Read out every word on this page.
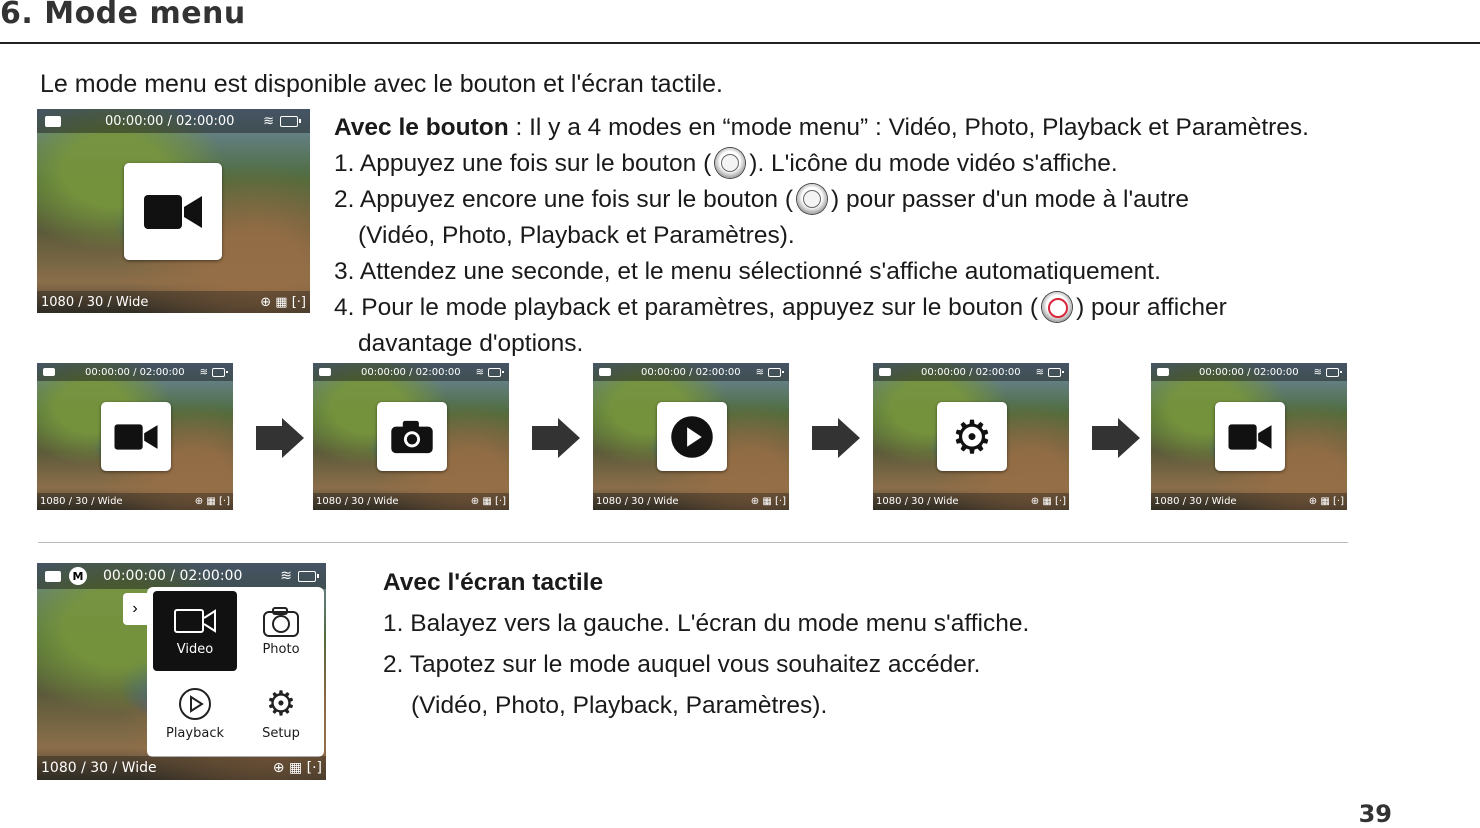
6. Mode menu
Le mode menu est disponible avec le bouton et l'écran tactile.
00:00:00 / 02:00:00 ≋
1080 / 30 / Wide	⊕ ▦ [·]
Avec le bouton : Il y a 4 modes en “mode menu” : Vidéo, Photo, Playback et Paramètres.
1. Appuyez une fois sur le bouton ( ). L'icône du mode vidéo s'affiche.
2. Appuyez encore une fois sur le bouton ( ) pour passer d'un mode à l'autre
(Vidéo, Photo, Playback et Paramètres).
3. Attendez une seconde, et le menu sélectionné s'affiche automatiquement.
4. Pour le mode playback et paramètres, appuyez sur le bouton ( ) pour afficher
davantage d'options.
00:00:00 / 02:00:00 ≋
1080 / 30 / Wide	⊕ ▦ [·]
00:00:00 / 02:00:00 ≋
1080 / 30 / Wide	⊕ ▦ [·]
00:00:00 / 02:00:00 ≋
1080 / 30 / Wide	⊕ ▦ [·]
00:00:00 / 02:00:00 ≋
⚙
1080 / 30 / Wide	⊕ ▦ [·]
00:00:00 / 02:00:00 ≋
1080 / 30 / Wide	⊕ ▦ [·]
M 00:00:00 / 02:00:00	≋
›
Video	Photo
Playback
⚙
Setup
1080 / 30 / Wide	⊕ ▦ [·]
Avec l'écran tactile
1. Balayez vers la gauche. L'écran du mode menu s'affiche.
2. Tapotez sur le mode auquel vous souhaitez accéder.
(Vidéo, Photo, Playback, Paramètres).
39
